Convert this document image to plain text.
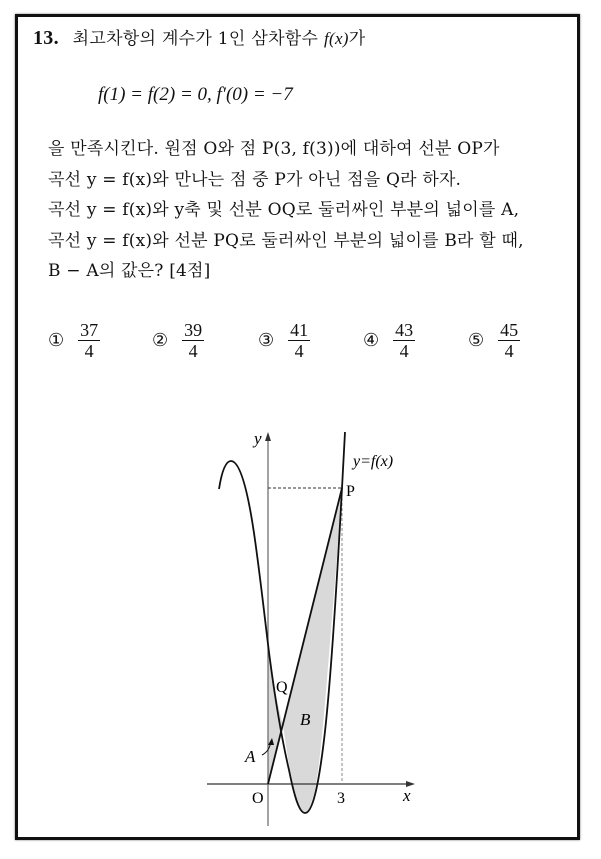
13. 최고차항의 계수가 1인 삼차함수 f(x)가
f(1) = f(2) = 0, f′(0) = −7
을 만족시킨다. 원점 O와 점 P(3, f(3))에 대하여 선분 OP가
곡선 y = f(x)와 만나는 점 중 P가 아닌 점을 Q라 하자.
곡선 y = f(x)와 y축 및 선분 OQ로 둘러싸인 부분의 넓이를 A,
곡선 y = f(x)와 선분 PQ로 둘러싸인 부분의 넓이를 B라 할 때,
B − A의 값은? [4점]
① $\frac{37}{4}$	② $\frac{39}{4}$	③ $\frac{41}{4}$	④ $\frac{43}{4}$	⑤ $\frac{45}{4}$
y
x
O	3
y=f(x)
P
Q
B
A
